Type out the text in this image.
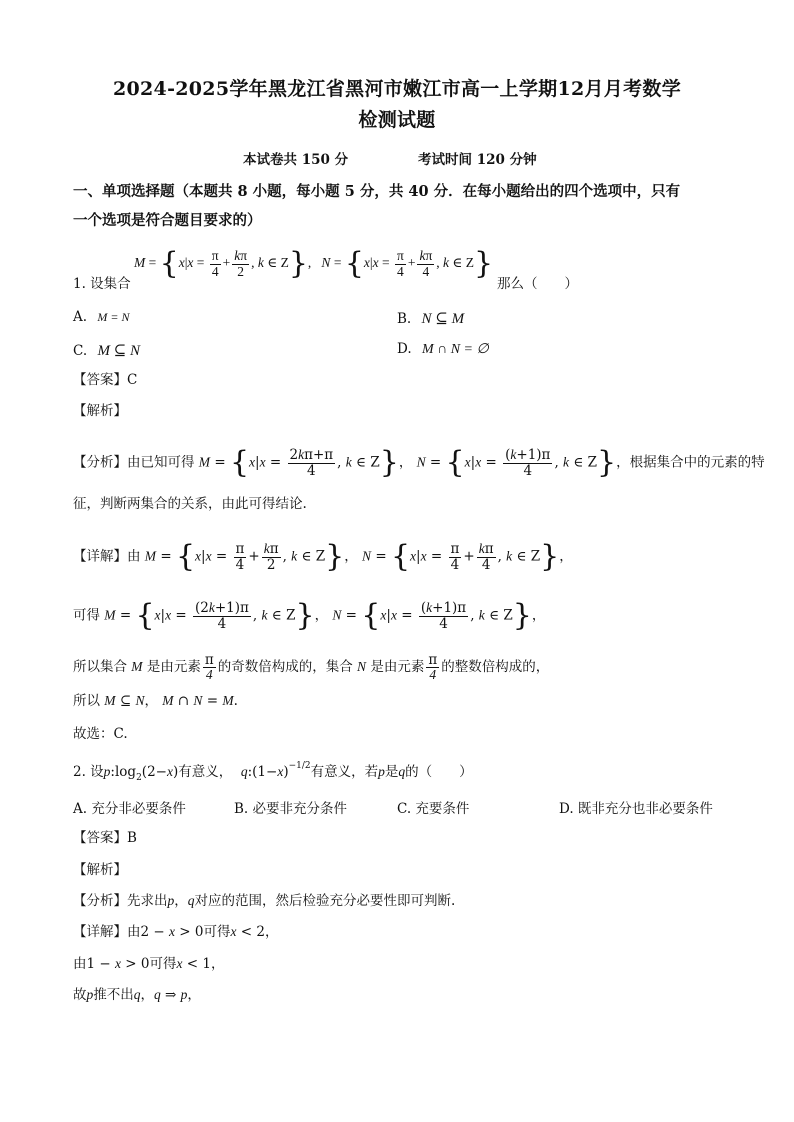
2024-2025学年黑龙江省黑河市嫩江市高一上学期12月月考数学
检测试题
本试卷共 150 分	考试时间 120 分钟
一、单项选择题（本题共 8 小题，每小题 5 分，共 40 分．在每小题给出的四个选项中，只有
一个选项是符合题目要求的）
$M = \{x|x = \frac{\pi}{4} + \frac{k\pi}{2}$ , k ∈ Z},   $N = \{x|x = \frac{\pi}{4} + \frac{k\pi}{4}$ , k ∈ Z}
1. 设集合	那么（　　）
A. M = N	B. N ⊆ M
C. M ⊆ N	D. M ∩ N = ∅
【答案】C
【解析】
【分析】由已知可得 $M = \{x|x = \frac{2k\pi+\pi}{4}$ , k ∈ Z}， $N = \{x|x = \frac{(k+1)\pi}{4}$ , k ∈ Z}，根据集合中的元素的特
征，判断两集合的关系，由此可得结论.
【详解】由 $M = \{x|x = \frac{\pi}{4} + \frac{k\pi}{2}$ , k ∈ Z}， $N = \{x|x = \frac{\pi}{4} + \frac{k\pi}{4}$ , k ∈ Z}，
可得 $M = \{x|x = \frac{(2k+1)\pi}{4}$ , k ∈ Z}， $N = \{x|x = \frac{(k+1)\pi}{4}$ , k ∈ Z}，
所以集合 M 是由元素 $\frac{\pi}{4}$ 的奇数倍构成的，集合 N 是由元素 $\frac{\pi}{4}$ 的整数倍构成的，
所以 M ⊆ N， M ∩ N = M.
故选：C.
2. 设$p:\log_2(2-x)$有意义， $q:(1-x)^{-1/2}$有意义，若p是q的（　　）
A. 充分非必要条件	B. 必要非充分条件	C. 充要条件	D. 既非充分也非必要条件
【答案】B
【解析】
【分析】先求出p，q对应的范围，然后检验充分必要性即可判断.
【详解】由2 − x > 0可得x < 2，
由1 − x > 0可得x < 1，
故p推不出q，q ⇒ p，
